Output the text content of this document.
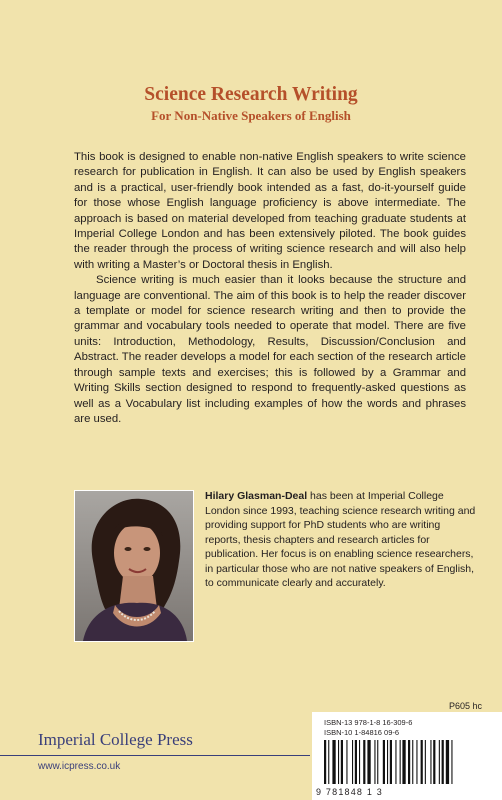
Science Research Writing
For Non-Native Speakers of English

This book is designed to enable non-native English speakers to write science research for publication in English. It can also be used by English speakers and is a practical, user-friendly book intended as a fast, do-it-yourself guide for those whose English language proficiency is above intermediate. The approach is based on material developed from teaching graduate students at Imperial College London and has been extensively piloted. The book guides the reader through the process of writing science research and will also help with writing a Master’s or Doctoral thesis in English.

Science writing is much easier than it looks because the structure and language are conventional. The aim of this book is to help the reader discover a template or model for science research writing and then to provide the grammar and vocabulary tools needed to operate that model. There are five units: Introduction, Methodology, Results, Discussion/Conclusion and Abstract. The reader develops a model for each section of the research article through sample texts and exercises; this is followed by a Grammar and Writing Skills section designed to respond to frequently-asked questions as well as a Vocabulary list including examples of how the words and phrases are used.

Hilary Glasman-Deal has been at Imperial College London since 1993, teaching science research writing and providing support for PhD students who are writing reports, thesis chapters and research articles for publication. Her focus is on enabling science researchers, in particular those who are not native speakers of English, to communicate clearly and accurately.

P605 hc
Imperial College Press
www.icpress.co.uk
ISBN-13 978-1-8 16-309-6
ISBN-10 1-84816 09-6
9 781848 1 3
